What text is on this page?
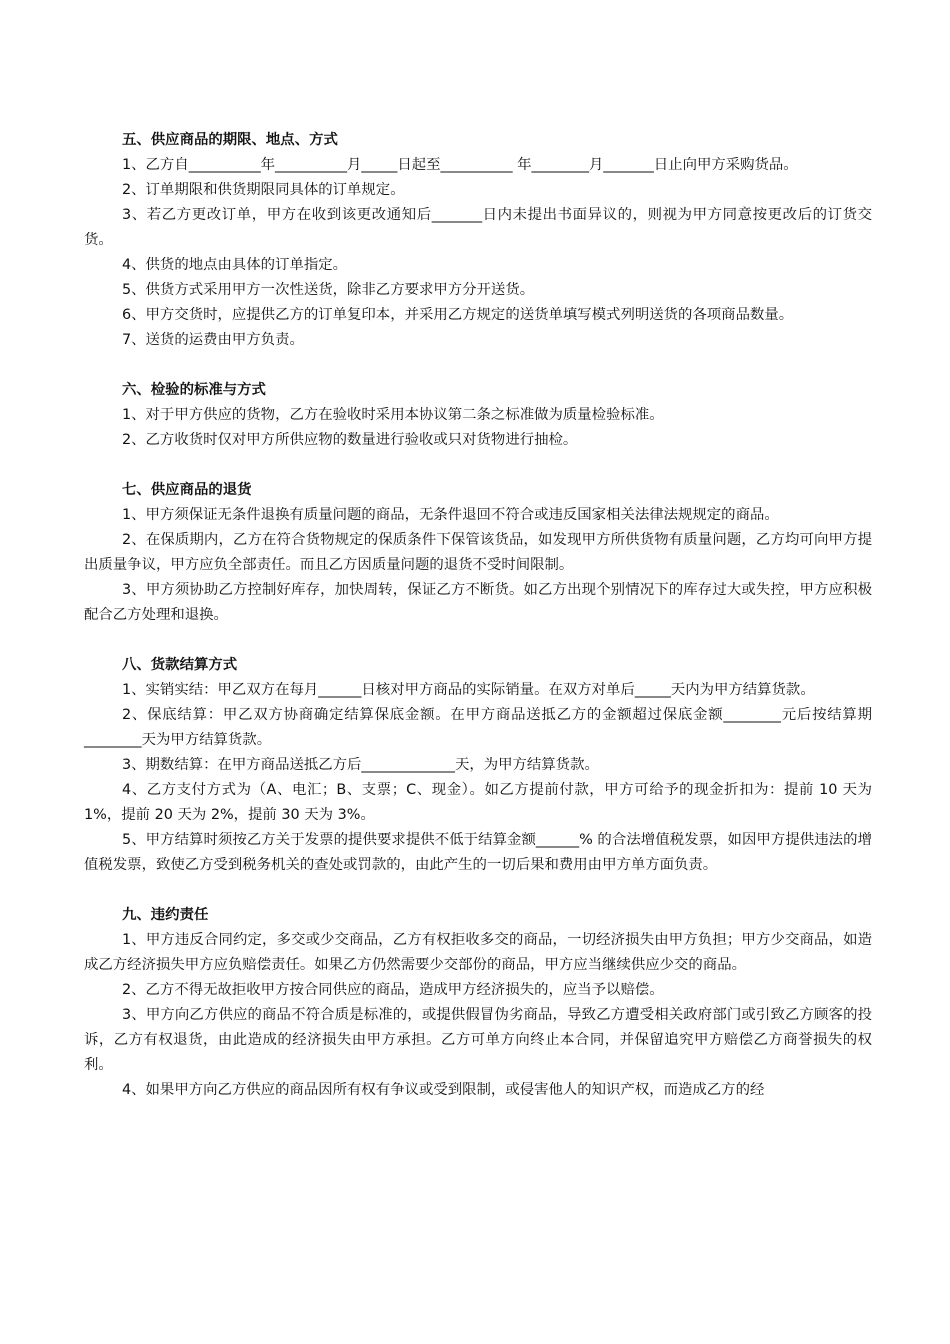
五、供应商品的期限、地点、方式

1、乙方自__________年__________月_____日起至__________ 年________月_______日止向甲方采购货品。

2、订单期限和供货期限同具体的订单规定。

3、若乙方更改订单，甲方在收到该更改通知后_______日内未提出书面异议的，则视为甲方同意按更改后的订货交货。

4、供货的地点由具体的订单指定。

5、供货方式采用甲方一次性送货，除非乙方要求甲方分开送货。

6、甲方交货时，应提供乙方的订单复印本，并采用乙方规定的送货单填写模式列明送货的各项商品数量。

7、送货的运费由甲方负责。

六、检验的标准与方式

1、对于甲方供应的货物，乙方在验收时采用本协议第二条之标准做为质量检验标准。

2、乙方收货时仅对甲方所供应物的数量进行验收或只对货物进行抽检。

七、供应商品的退货

1、甲方须保证无条件退换有质量问题的商品，无条件退回不符合或违反国家相关法律法规规定的商品。

2、在保质期内，乙方在符合货物规定的保质条件下保管该货品，如发现甲方所供货物有质量问题，乙方均可向甲方提出质量争议，甲方应负全部责任。而且乙方因质量问题的退货不受时间限制。

3、甲方须协助乙方控制好库存，加快周转，保证乙方不断货。如乙方出现个别情况下的库存过大或失控，甲方应积极配合乙方处理和退换。

八、货款结算方式

1、实销实结：甲乙双方在每月______日核对甲方商品的实际销量。在双方对单后_____天内为甲方结算货款。

2、保底结算：甲乙双方协商确定结算保底金额。在甲方商品送抵乙方的金额超过保底金额________元后按结算期 ________天为甲方结算货款。

3、期数结算：在甲方商品送抵乙方后_____________天，为甲方结算货款。

4、乙方支付方式为（A、电汇；B、支票；C、现金）。如乙方提前付款，甲方可给予的现金折扣为：提前 10 天为 1%，提前 20 天为 2%，提前 30 天为 3%。

5、甲方结算时须按乙方关于发票的提供要求提供不低于结算金额______% 的合法增值税发票，如因甲方提供违法的增值税发票，致使乙方受到税务机关的查处或罚款的，由此产生的一切后果和费用由甲方单方面负责。

九、违约责任

1、甲方违反合同约定，多交或少交商品，乙方有权拒收多交的商品，一切经济损失由甲方负担；甲方少交商品，如造成乙方经济损失甲方应负赔偿责任。如果乙方仍然需要少交部份的商品，甲方应当继续供应少交的商品。

2、乙方不得无故拒收甲方按合同供应的商品，造成甲方经济损失的，应当予以赔偿。

3、甲方向乙方供应的商品不符合质是标准的，或提供假冒伪劣商品，导致乙方遭受相关政府部门或引致乙方顾客的投诉，乙方有权退货，由此造成的经济损失由甲方承担。乙方可单方向终止本合同，并保留追究甲方赔偿乙方商誉损失的权利。

4、如果甲方向乙方供应的商品因所有权有争议或受到限制，或侵害他人的知识产权，而造成乙方的经
